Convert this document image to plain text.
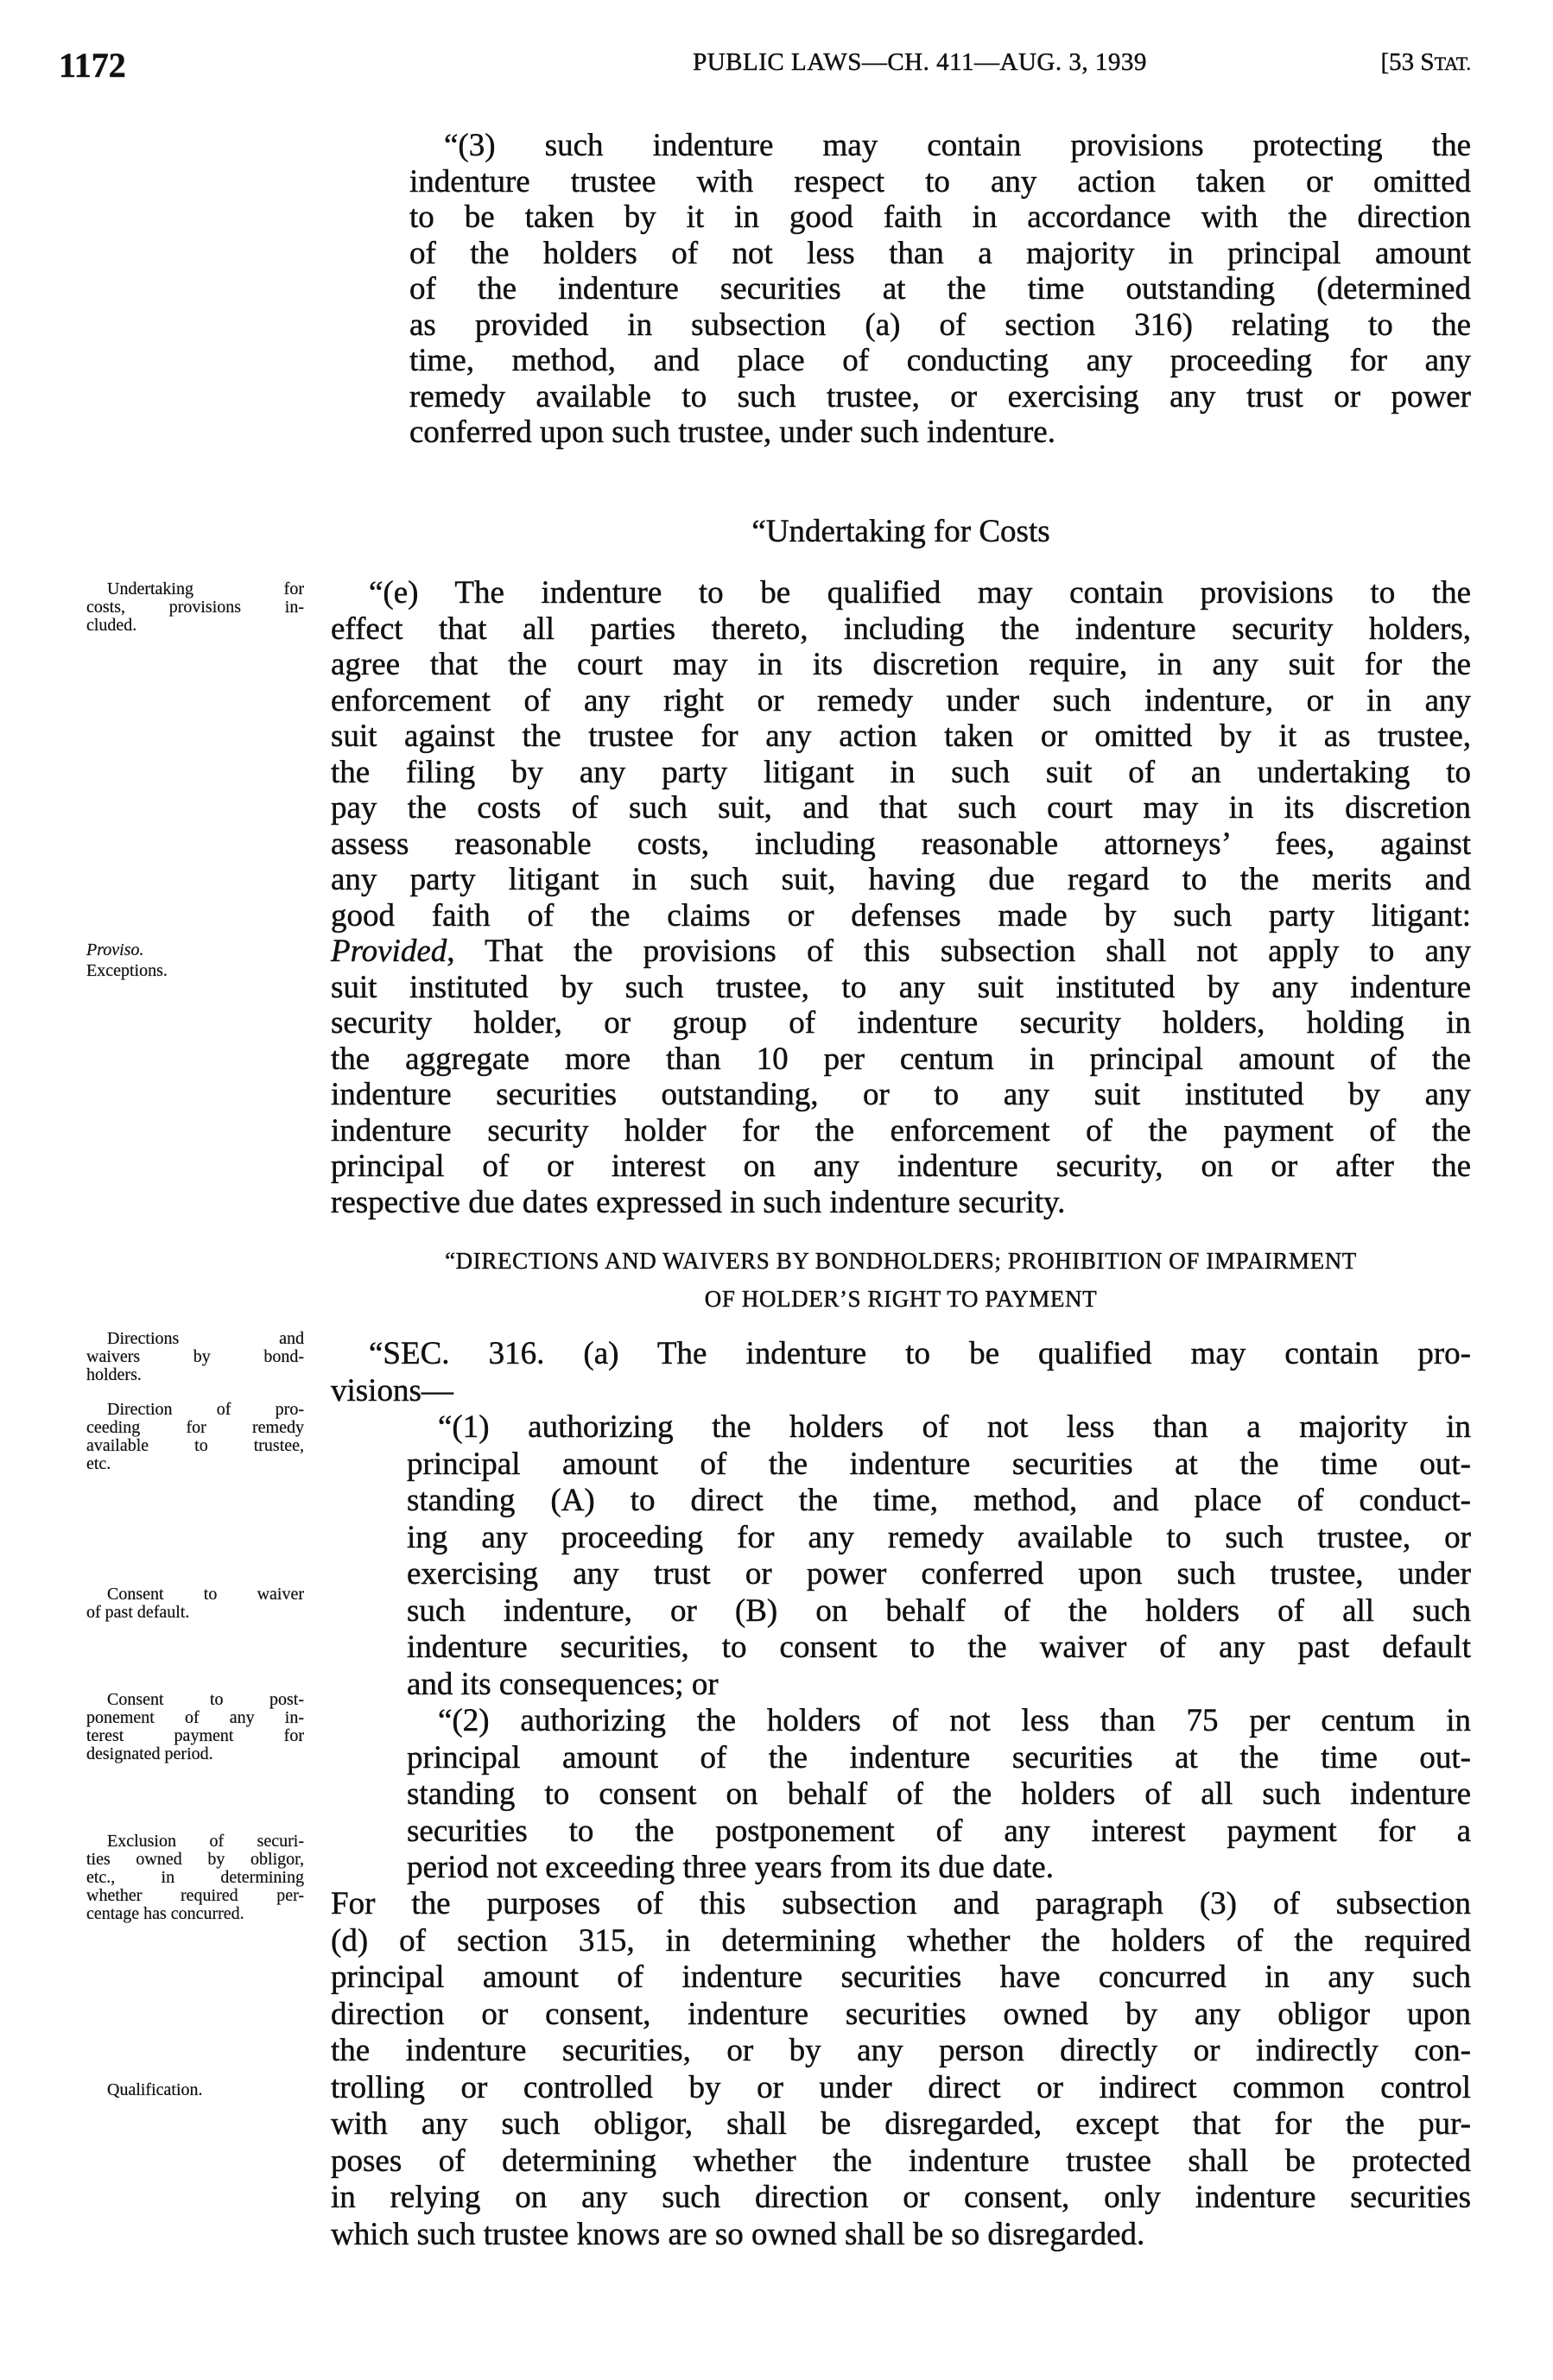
1172	PUBLIC LAWS—CH. 411—AUG. 3, 1939	[53 STAT.
“(3) such indenture may contain provisions protecting the
indenture trustee with respect to any action taken or omitted
to be taken by it in good faith in accordance with the direction
of the holders of not less than a majority in principal amount
of the indenture securities at the time outstanding (determined
as provided in subsection (a) of section 316) relating to the
time, method, and place of conducting any proceeding for any
remedy available to such trustee, or exercising any trust or power
conferred upon such trustee, under such indenture.
“Undertaking for Costs
“(e) The indenture to be qualified may contain provisions to the
effect that all parties thereto, including the indenture security holders,
agree that the court may in its discretion require, in any suit for the
enforcement of any right or remedy under such indenture, or in any
suit against the trustee for any action taken or omitted by it as trustee,
the filing by any party litigant in such suit of an undertaking to
pay the costs of such suit, and that such court may in its discretion
assess reasonable costs, including reasonable attorneys’ fees, against
any party litigant in such suit, having due regard to the merits and
good faith of the claims or defenses made by such party litigant:
Provided, That the provisions of this subsection shall not apply to any
suit instituted by such trustee, to any suit instituted by any indenture
security holder, or group of indenture security holders, holding in
the aggregate more than 10 per centum in principal amount of the
indenture securities outstanding, or to any suit instituted by any
indenture security holder for the enforcement of the payment of the
principal of or interest on any indenture security, on or after the
respective due dates expressed in such indenture security.
“DIRECTIONS AND WAIVERS BY BONDHOLDERS; PROHIBITION OF IMPAIRMENT
OF HOLDER’S RIGHT TO PAYMENT
“SEC. 316. (a) The indenture to be qualified may contain pro-
visions—
“(1) authorizing the holders of not less than a majority in
principal amount of the indenture securities at the time out-
standing (A) to direct the time, method, and place of conduct-
ing any proceeding for any remedy available to such trustee, or
exercising any trust or power conferred upon such trustee, under
such indenture, or (B) on behalf of the holders of all such
indenture securities, to consent to the waiver of any past default
and its consequences; or
“(2) authorizing the holders of not less than 75 per centum in
principal amount of the indenture securities at the time out-
standing to consent on behalf of the holders of all such indenture
securities to the postponement of any interest payment for a
period not exceeding three years from its due date.
For the purposes of this subsection and paragraph (3) of subsection
(d) of section 315, in determining whether the holders of the required
principal amount of indenture securities have concurred in any such
direction or consent, indenture securities owned by any obligor upon
the indenture securities, or by any person directly or indirectly con-
trolling or controlled by or under direct or indirect common control
with any such obligor, shall be disregarded, except that for the pur-
poses of determining whether the indenture trustee shall be protected
in relying on any such direction or consent, only indenture securities
which such trustee knows are so owned shall be so disregarded.
Undertaking for
costs, provisions in-
cluded.
Proviso.
Exceptions.
Directions and
waivers by bond-
holders.
Direction of pro-
ceeding for remedy
available to trustee,
etc.
Consent to waiver
of past default.
Consent to post-
ponement of any in-
terest payment for
designated period.
Exclusion of securi-
ties owned by obligor,
etc., in determining
whether required per-
centage has concurred.
Qualification.
